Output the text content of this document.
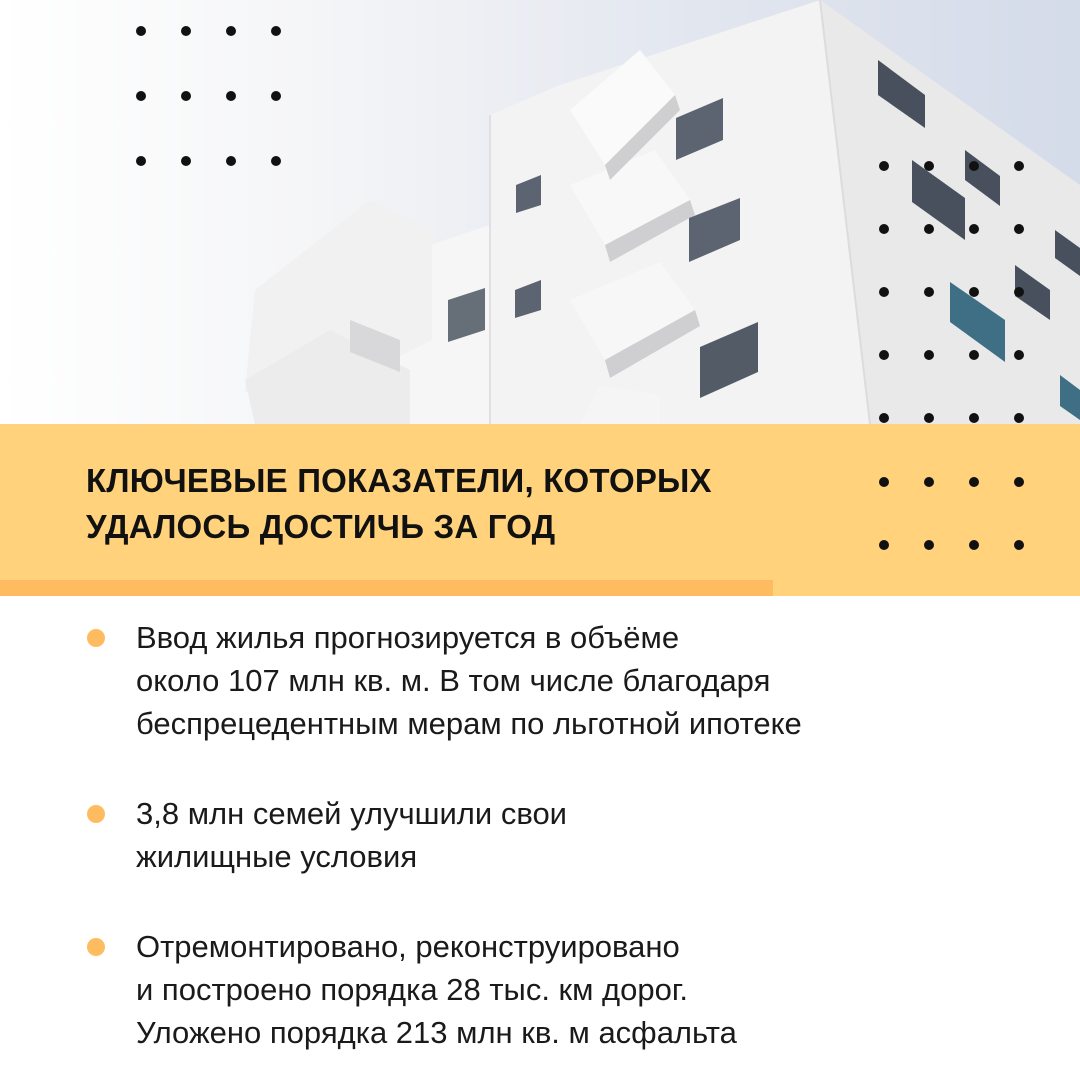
КЛЮЧЕВЫЕ ПОКАЗАТЕЛИ, КОТОРЫХ
УДАЛОСЬ ДОСТИЧЬ ЗА ГОД

Ввод жилья прогнозируется в объёме
около 107 млн кв. м. В том числе благодаря
беспрецедентным мерам по льготной ипотеке

3,8 млн семей улучшили свои
жилищные условия

Отремонтировано, реконструировано
и построено порядка 28 тыс. км дорог.
Уложено порядка 213 млн кв. м асфальта
